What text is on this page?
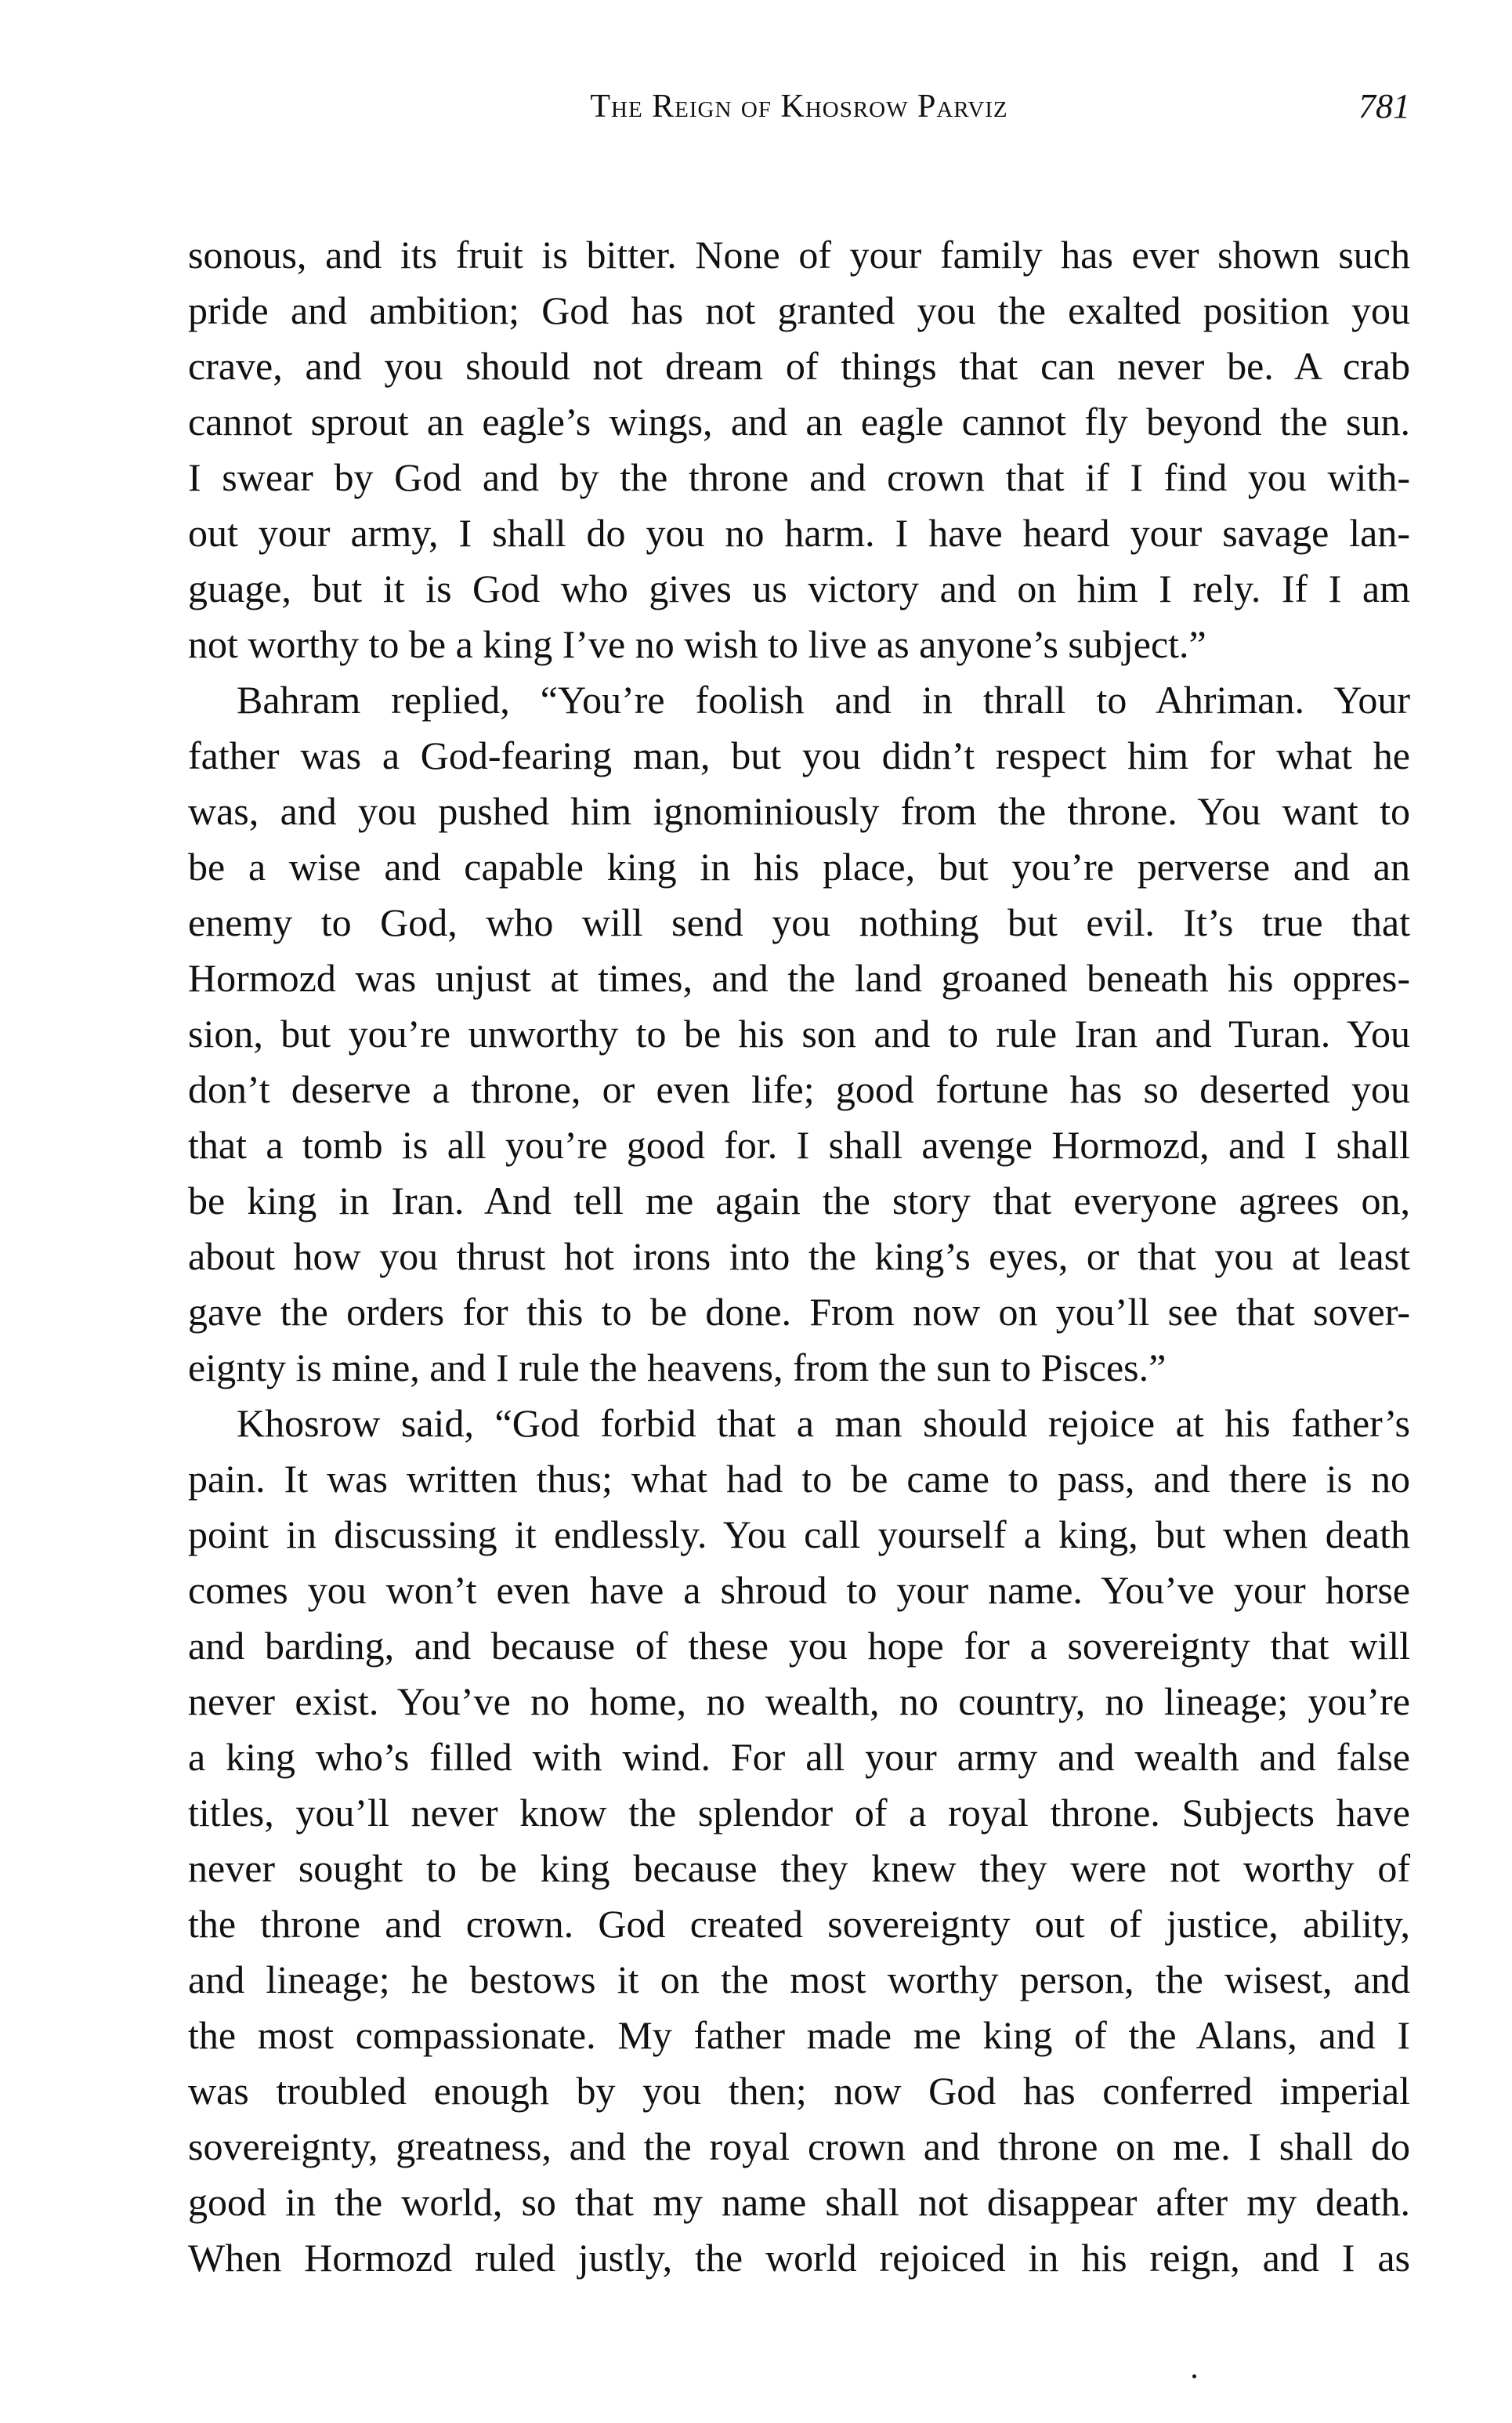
The Reign of Khosrow Parviz	781

sonous, and its fruit is bitter. None of your family has ever shown such
pride and ambition; God has not granted you the exalted position you
crave, and you should not dream of things that can never be. A crab
cannot sprout an eagle’s wings, and an eagle cannot fly beyond the sun.
I swear by God and by the throne and crown that if I find you with-
out your army, I shall do you no harm. I have heard your savage lan-
guage, but it is God who gives us victory and on him I rely. If I am
not worthy to be a king I’ve no wish to live as anyone’s subject.”

Bahram replied, “You’re foolish and in thrall to Ahriman. Your
father was a God-fearing man, but you didn’t respect him for what he
was, and you pushed him ignominiously from the throne. You want to
be a wise and capable king in his place, but you’re perverse and an
enemy to God, who will send you nothing but evil. It’s true that
Hormozd was unjust at times, and the land groaned beneath his oppres-
sion, but you’re unworthy to be his son and to rule Iran and Turan. You
don’t deserve a throne, or even life; good fortune has so deserted you
that a tomb is all you’re good for. I shall avenge Hormozd, and I shall
be king in Iran. And tell me again the story that everyone agrees on,
about how you thrust hot irons into the king’s eyes, or that you at least
gave the orders for this to be done. From now on you’ll see that sover-
eignty is mine, and I rule the heavens, from the sun to Pisces.”

Khosrow said, “God forbid that a man should rejoice at his father’s
pain. It was written thus; what had to be came to pass, and there is no
point in discussing it endlessly. You call yourself a king, but when death
comes you won’t even have a shroud to your name. You’ve your horse
and barding, and because of these you hope for a sovereignty that will
never exist. You’ve no home, no wealth, no country, no lineage; you’re
a king who’s filled with wind. For all your army and wealth and false
titles, you’ll never know the splendor of a royal throne. Subjects have
never sought to be king because they knew they were not worthy of
the throne and crown. God created sovereignty out of justice, ability,
and lineage; he bestows it on the most worthy person, the wisest, and
the most compassionate. My father made me king of the Alans, and I
was troubled enough by you then; now God has conferred imperial
sovereignty, greatness, and the royal crown and throne on me. I shall do
good in the world, so that my name shall not disappear after my death.
When Hormozd ruled justly, the world rejoiced in his reign, and I as
